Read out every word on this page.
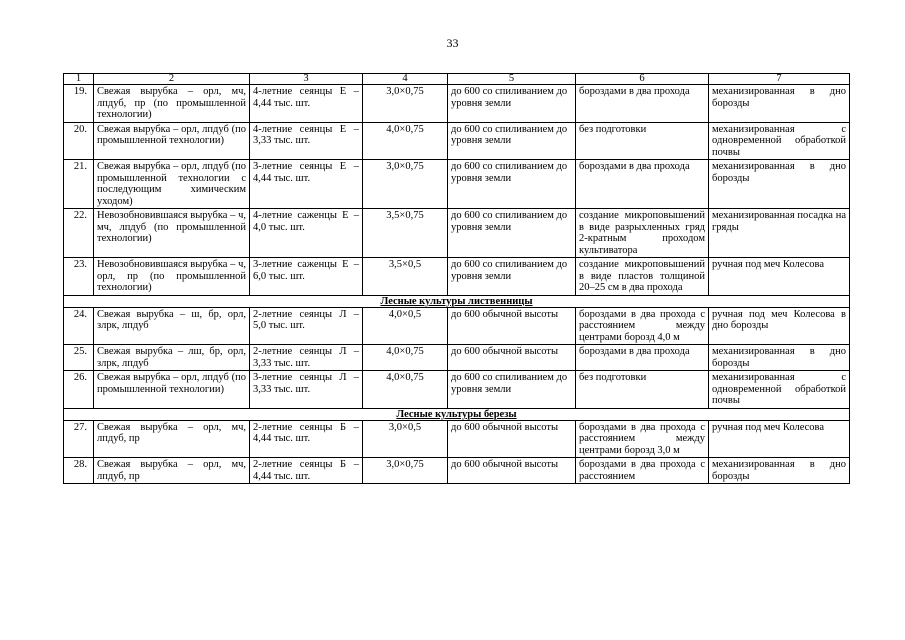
33
1	2	3	4	5	6	7
19.	Свежая вырубка – орл, мч, лпдуб, пр (по промышленной технологии)	4-летние сеянцы Е – 4,44 тыс. шт.	3,0×0,75	до 600 со спиливанием до уровня земли	бороздами в два прохода	механизированная в дно борозды
20.	Свежая вырубка – орл, лпдуб (по промышленной технологии)	4-летние сеянцы Е – 3,33 тыс. шт.	4,0×0,75	до 600 со спиливанием до уровня земли	без подготовки	механизированная с одновременной обработкой почвы
21.	Свежая вырубка – орл, лпдуб (по промышленной технологии с последующим химическим уходом)	3-летние сеянцы Е – 4,44 тыс. шт.	3,0×0,75	до 600 со спиливанием до уровня земли	бороздами в два прохода	механизированная в дно борозды
22.	Невозобновившаяся вырубка – ч, мч, лпдуб (по промышленной технологии)	4-летние саженцы Е – 4,0 тыс. шт.	3,5×0,75	до 600 со спиливанием до уровня земли	создание микроповышений в виде разрыхленных гряд 2-кратным проходом культиватора	механизированная посадка на гряды
23.	Невозобновившаяся вырубка – ч, орл, пр (по промышленной технологии)	3-летние саженцы Е – 6,0 тыс. шт.	3,5×0,5	до 600 со спиливанием до уровня земли	создание микроповышений в виде пластов толщиной 20–25 см в два прохода	ручная под меч Колесова
Лесные культуры лиственницы						
24.	Свежая вырубка – ш, бр, орл, злрк, лпдуб	2-летние сеянцы Л – 5,0 тыс. шт.	4,0×0,5	до 600 обычной высоты	бороздами в два прохода с расстоянием между центрами борозд 4,0 м	ручная под меч Колесова в дно борозды
25.	Свежая вырубка – лш, бр, орл, злрк, лпдуб	2-летние сеянцы Л – 3,33 тыс. шт.	4,0×0,75	до 600 обычной высоты	бороздами в два прохода	механизированная в дно борозды
26.	Свежая вырубка – орл, лпдуб (по промышленной технологии)	3-летние сеянцы Л – 3,33 тыс. шт.	4,0×0,75	до 600 со спиливанием до уровня земли	без подготовки	механизированная с одновременной обработкой почвы
Лесные культуры березы						
27.	Свежая вырубка – орл, мч, лпдуб, пр	2-летние сеянцы Б – 4,44 тыс. шт.	3,0×0,5	до 600 обычной высоты	бороздами в два прохода с расстоянием между центрами борозд 3,0 м	ручная под меч Колесова
28.	Свежая вырубка – орл, мч, лпдуб, пр	2-летние сеянцы Б – 4,44 тыс. шт.	3,0×0,75	до 600 обычной высоты	бороздами в два прохода с расстоянием	механизированная в дно борозды
